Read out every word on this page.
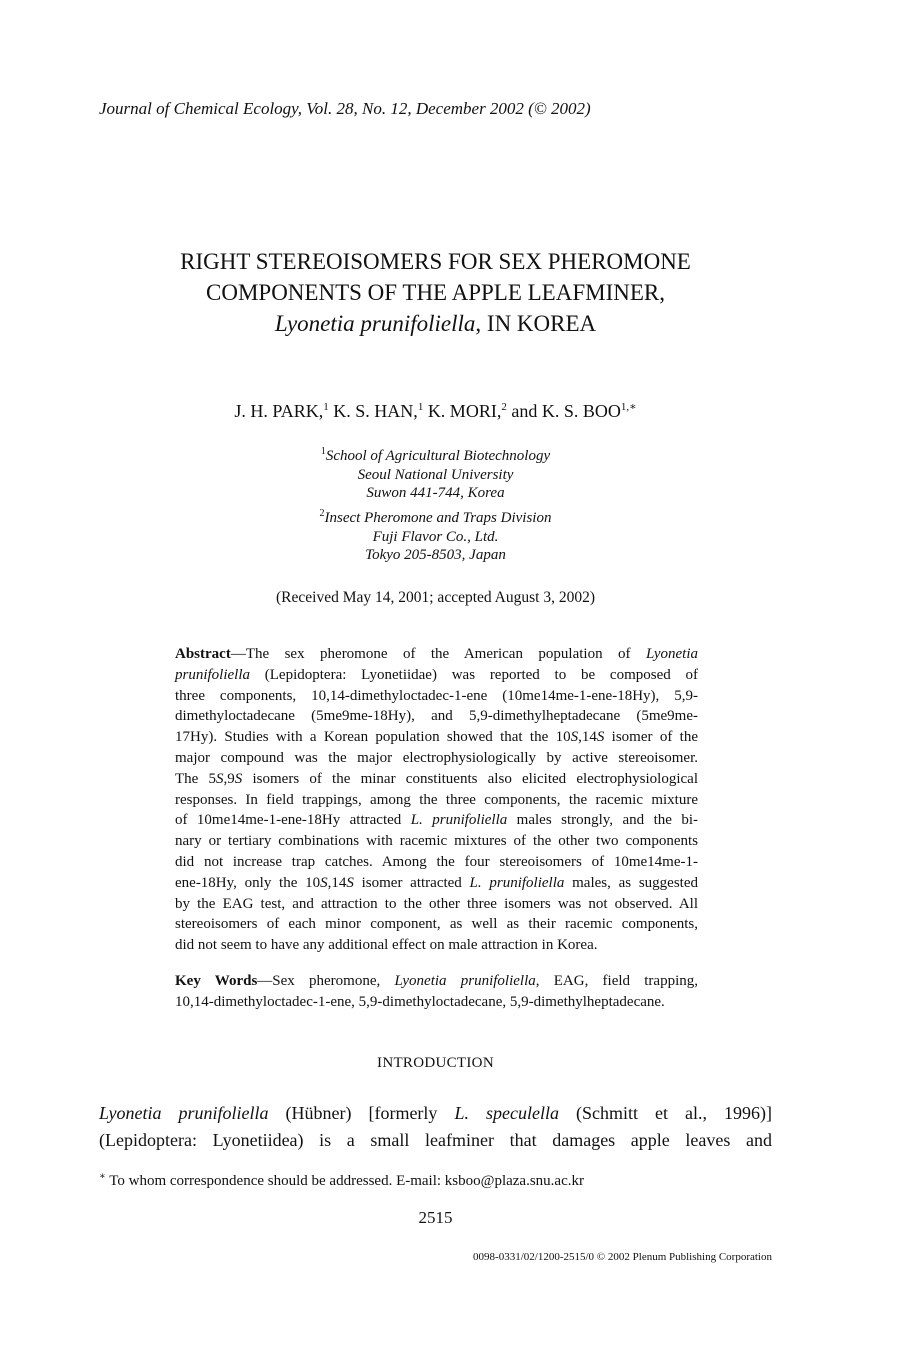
Journal of Chemical Ecology, Vol. 28, No. 12, December 2002 (© 2002)
RIGHT STEREOISOMERS FOR SEX PHEROMONE
COMPONENTS OF THE APPLE LEAFMINER,
Lyonetia prunifoliella, IN KOREA
J. H. PARK,$^1$ K. S. HAN,$^1$ K. MORI,$^2$ and K. S. $BOO^{1,∗}$
$^1$School of Agricultural Biotechnology
Seoul National University
Suwon 441-744, Korea
$^2$Insect Pheromone and Traps Division
Fuji Flavor Co., Ltd.
Tokyo 205-8503, Japan
(Received May 14, 2001; accepted August 3, 2002)
Abstract—The sex pheromone of the American population of Lyonetia
prunifoliella (Lepidoptera: Lyonetiidae) was reported to be composed of
three components, 10,14-dimethyloctadec-1-ene (10me14me-1-ene-18Hy), 5,9-
dimethyloctadecane (5me9me-18Hy), and 5,9-dimethylheptadecane (5me9me-
17Hy). Studies with a Korean population showed that the 10S,14S isomer of the
major compound was the major electrophysiologically by active stereoisomer.
The 5S,9S isomers of the minar constituents also elicited electrophysiological
responses. In field trappings, among the three components, the racemic mixture
of 10me14me-1-ene-18Hy attracted L. prunifoliella males strongly, and the bi-
nary or tertiary combinations with racemic mixtures of the other two components
did not increase trap catches. Among the four stereoisomers of 10me14me-1-
ene-18Hy, only the 10S,14S isomer attracted L. prunifoliella males, as suggested
by the EAG test, and attraction to the other three isomers was not observed. All
stereoisomers of each minor component, as well as their racemic components,
did not seem to have any additional effect on male attraction in Korea.
Key Words—Sex pheromone, Lyonetia prunifoliella, EAG, field trapping,
10,14-dimethyloctadec-1-ene, 5,9-dimethyloctadecane, 5,9-dimethylheptadecane.
INTRODUCTION
Lyonetia prunifoliella (Hübner) [formerly L. speculella (Schmitt et al., 1996)]
(Lepidoptera: Lyonetiidea) is a small leafminer that damages apple leaves and
∗ To whom correspondence should be addressed. E-mail: ksboo@plaza.snu.ac.kr
2515
0098-0331/02/1200-2515/0 © 2002 Plenum Publishing Corporation
